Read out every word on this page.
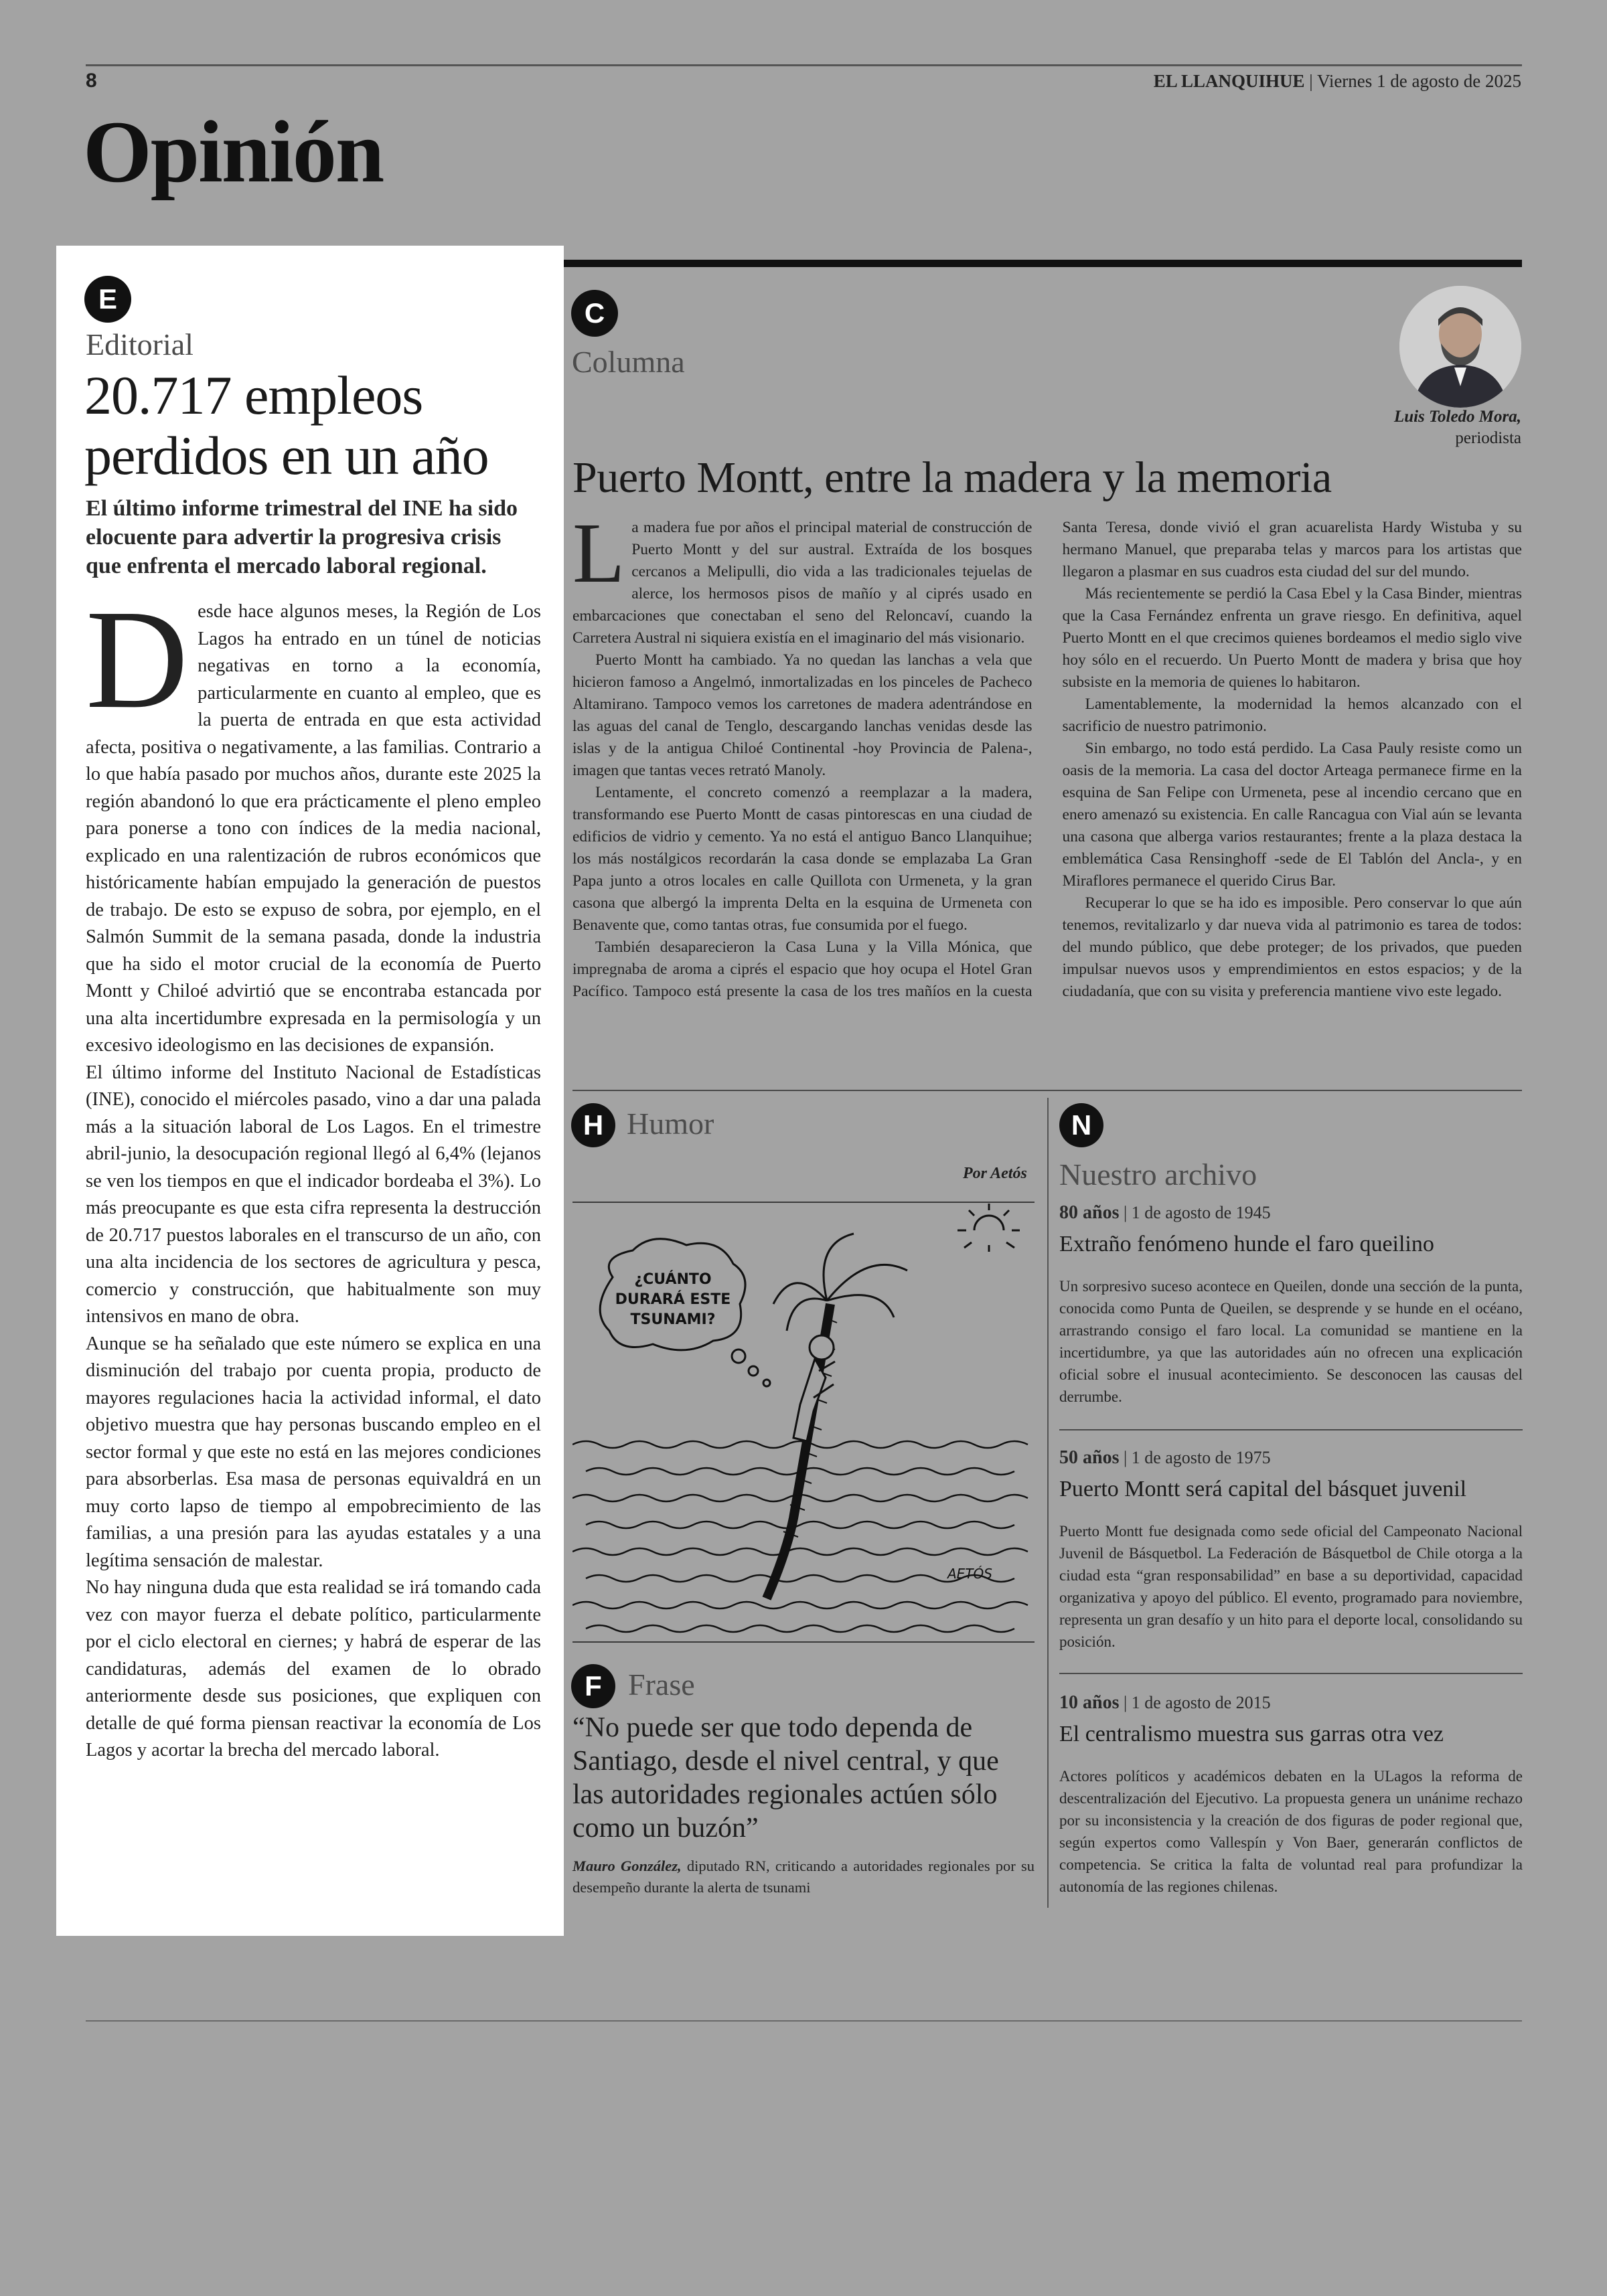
8	EL LLANQUIHUE | Viernes 1 de agosto de 2025
Opinión
E
Editorial
20.717 empleos
perdidos en un año
El último informe trimestral del INE ha sido elocuente para advertir la progresiva crisis que enfrenta el mercado laboral regional.

Desde hace algunos meses, la Región de Los Lagos ha entrado en un túnel de noticias negativas en torno a la economía, particularmente en cuanto al empleo, que es la puerta de entrada en que esta actividad afecta, positiva o negativamente, a las familias. Contrario a lo que había pasado por muchos años, durante este 2025 la región abandonó lo que era prácticamente el pleno empleo para ponerse a tono con índices de la media nacional, explicado en una ralentización de rubros económicos que históricamente habían empujado la generación de puestos de trabajo. De esto se expuso de sobra, por ejemplo, en el Salmón Summit de la semana pasada, donde la industria que ha sido el motor crucial de la economía de Puerto Montt y Chiloé advirtió que se encontraba estancada por una alta incertidumbre expresada en la permisología y un excesivo ideologismo en las decisiones de expansión.

El último informe del Instituto Nacional de Estadísticas (INE), conocido el miércoles pasado, vino a dar una palada más a la situación laboral de Los Lagos. En el trimestre abril-junio, la desocupación regional llegó al 6,4% (lejanos se ven los tiempos en que el indicador bordeaba el 3%). Lo más preocupante es que esta cifra representa la destrucción de 20.717 puestos laborales en el transcurso de un año, con una alta incidencia de los sectores de agricultura y pesca, comercio y construcción, que habitualmente son muy intensivos en mano de obra.

Aunque se ha señalado que este número se explica en una disminución del trabajo por cuenta propia, producto de mayores regulaciones hacia la actividad informal, el dato objetivo muestra que hay personas buscando empleo en el sector formal y que este no está en las mejores condiciones para absorberlas. Esa masa de personas equivaldrá en un muy corto lapso de tiempo al empobrecimiento de las familias, a una presión para las ayudas estatales y a una legítima sensación de malestar.

No hay ninguna duda que esta realidad se irá tomando cada vez con mayor fuerza el debate político, particularmente por el ciclo electoral en ciernes; y habrá de esperar de las candidaturas, además del examen de lo obrado anteriormente desde sus posiciones, que expliquen con detalle de qué forma piensan reactivar la economía de Los Lagos y acortar la brecha del mercado laboral.

C
Columna
Luis Toledo Mora,
periodista
Puerto Montt, entre la madera y la memoria

La madera fue por años el principal material de construcción de Puerto Montt y del sur austral. Extraída de los bosques cercanos a Melipulli, dio vida a las tradicionales tejuelas de alerce, los hermosos pisos de mañío y al ciprés usado en embarcaciones que conectaban el seno del Reloncaví, cuando la Carretera Austral ni siquiera existía en el imaginario del más visionario.

Puerto Montt ha cambiado. Ya no quedan las lanchas a vela que hicieron famoso a Angelmó, inmortalizadas en los pinceles de Pacheco Altamirano. Tampoco vemos los carretones de madera adentrándose en las aguas del canal de Tenglo, descargando lanchas venidas desde las islas y de la antigua Chiloé Continental -hoy Provincia de Palena-, imagen que tantas veces retrató Manoly.

Lentamente, el concreto comenzó a reemplazar a la madera, transformando ese Puerto Montt de casas pintorescas en una ciudad de edificios de vidrio y cemento. Ya no está el antiguo Banco Llanquihue; los más nostálgicos recordarán la casa donde se emplazaba La Gran Papa junto a otros locales en calle Quillota con Urmeneta, y la gran casona que albergó la imprenta Delta en la esquina de Urmeneta con Benavente que, como tantas otras, fue consumida por el fuego.

También desaparecieron la Casa Luna y la Villa Mónica, que impregnaba de aroma a ciprés el espacio que hoy ocupa el Hotel Gran Pacífico. Tampoco está presente la casa de los tres mañíos en la cuesta Santa Teresa, donde vivió el gran acuarelista Hardy Wistuba y su hermano Manuel, que preparaba telas y marcos para los artistas que llegaron a plasmar en sus cuadros esta ciudad del sur del mundo.

Más recientemente se perdió la Casa Ebel y la Casa Binder, mientras que la Casa Fernández enfrenta un grave riesgo. En definitiva, aquel Puerto Montt en el que crecimos quienes bordeamos el medio siglo vive hoy sólo en el recuerdo. Un Puerto Montt de madera y brisa que hoy subsiste en la memoria de quienes lo habitaron.

Lamentablemente, la modernidad la hemos alcanzado con el sacrificio de nuestro patrimonio.

Sin embargo, no todo está perdido. La Casa Pauly resiste como un oasis de la memoria. La casa del doctor Arteaga permanece firme en la esquina de San Felipe con Urmeneta, pese al incendio cercano que en enero amenazó su existencia. En calle Rancagua con Vial aún se levanta una casona que alberga varios restaurantes; frente a la plaza destaca la emblemática Casa Rensinghoff -sede de El Tablón del Ancla-, y en Miraflores permanece el querido Cirus Bar.

Recuperar lo que se ha ido es imposible. Pero conservar lo que aún tenemos, revitalizarlo y dar nueva vida al patrimonio es tarea de todos: del mundo público, que debe proteger; de los privados, que pueden impulsar nuevos usos y emprendimientos en estos espacios; y de la ciudadanía, que con su visita y preferencia mantiene vivo este legado.

H Humor
Por Aetós
¿CUÁNTO
DURARÁ ESTE
TSUNAMI?
AETÓS
F Frase
“No puede ser que todo dependa de Santiago, desde el nivel central, y que las autoridades regionales actúen sólo como un buzón”
Mauro González, diputado RN, criticando a autoridades regionales por su desempeño durante la alerta de tsunami
N
Nuestro archivo
80 años | 1 de agosto de 1945
Extraño fenómeno hunde el faro queilino

Un sorpresivo suceso acontece en Queilen, donde una sección de la punta, conocida como Punta de Queilen, se desprende y se hunde en el océano, arrastrando consigo el faro local. La comunidad se mantiene en la incertidumbre, ya que las autoridades aún no ofrecen una explicación oficial sobre el inusual acontecimiento. Se desconocen las causas del derrumbe.

50 años | 1 de agosto de 1975
Puerto Montt será capital del básquet juvenil

Puerto Montt fue designada como sede oficial del Campeonato Nacional Juvenil de Básquetbol. La Federación de Básquetbol de Chile otorga a la ciudad esta “gran responsabilidad” en base a su deportividad, capacidad organizativa y apoyo del público. El evento, programado para noviembre, representa un gran desafío y un hito para el deporte local, consolidando su posición.

10 años | 1 de agosto de 2015
El centralismo muestra sus garras otra vez

Actores políticos y académicos debaten en la ULagos la reforma de descentralización del Ejecutivo. La propuesta genera un unánime rechazo por su inconsistencia y la creación de dos figuras de poder regional que, según expertos como Vallespín y Von Baer, generarán conflictos de competencia. Se critica la falta de voluntad real para profundizar la autonomía de las regiones chilenas.
